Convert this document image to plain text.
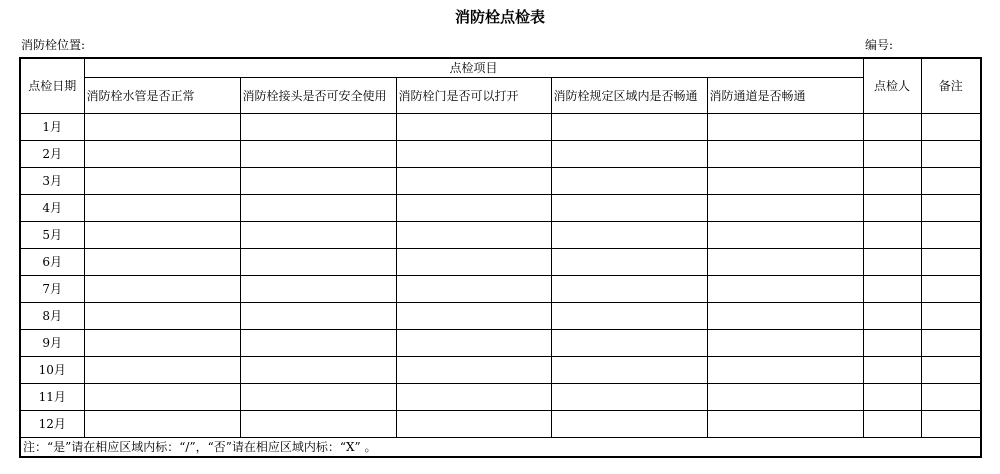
消防栓点检表
消防栓位置:	编号:
点检日期	点检项目					点检人	备注
	消防栓水管是否正常	消防栓接头是否可安全使用	消防栓门是否可以打开	消防栓规定区域内是否畅通	消防通道是否畅通		
1月							
2月							
3月							
4月							
5月							
6月							
7月							
8月							
9月							
10月							
11月							
12月							
注：“是”请在相应区域内标：“/”，“否”请在相应区域内标：“X” 。							
